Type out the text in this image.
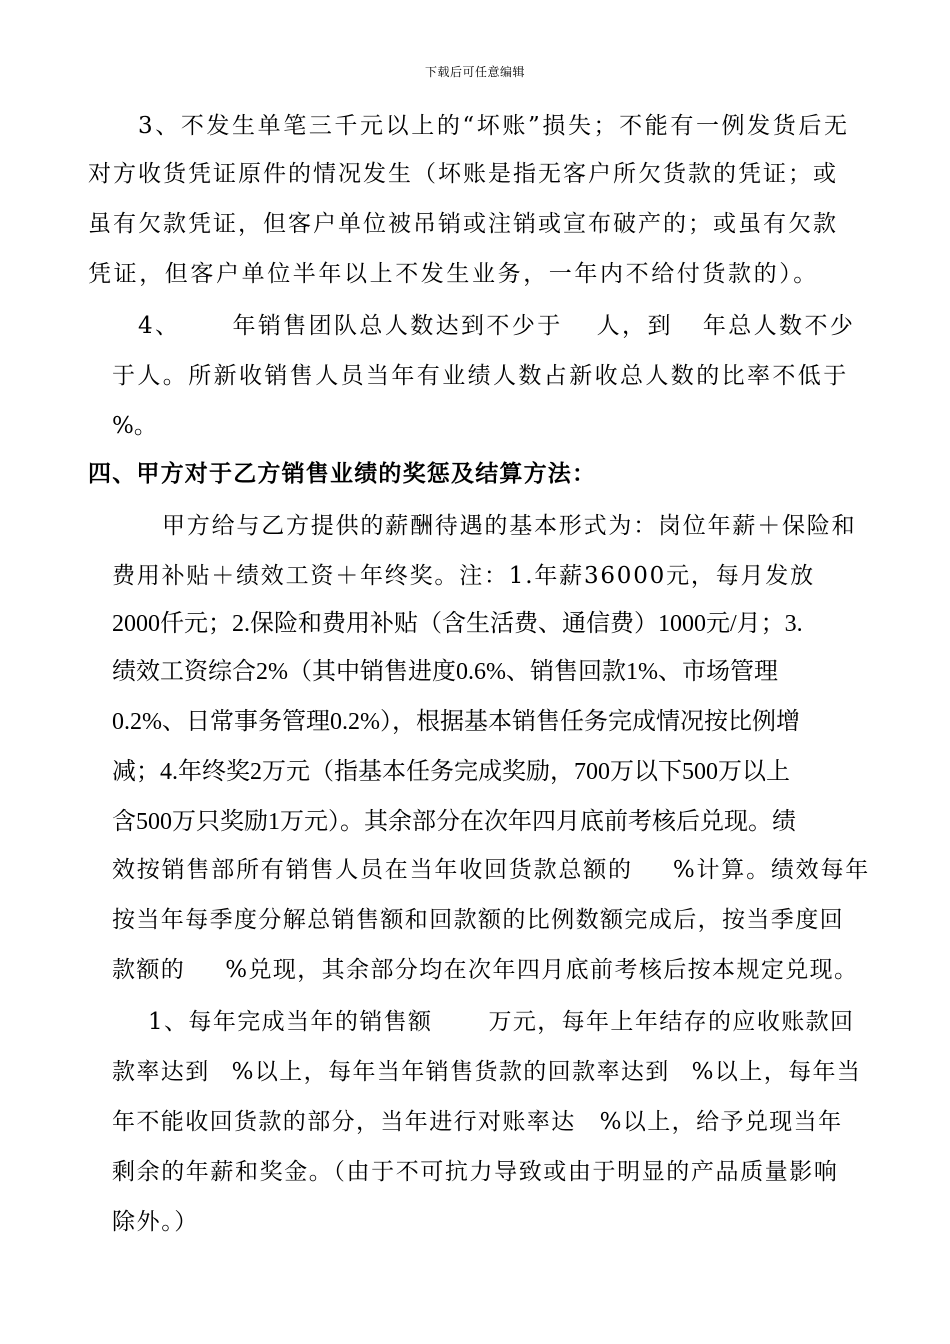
下载后可任意编辑
3、不发生单笔三千元以上的“坏账”损失；不能有一例发货后无
对方收货凭证原件的情况发生（坏账是指无客户所欠货款的凭证；或
虽有欠款凭证，但客户单位被吊销或注销或宣布破产的；或虽有欠款
凭证，但客户单位半年以上不发生业务，一年内不给付货款的）。
4、 年销售团队总人数达到不少于 人，到 年总人数不少
于人。所新收销售人员当年有业绩人数占新收总人数的比率不低于
%。
四、甲方对于乙方销售业绩的奖惩及结算方法：
甲方给与乙方提供的薪酬待遇的基本形式为：岗位年薪＋保险和
费用补贴＋绩效工资＋年终奖。注：1.年薪36000元，每月发放
2000仟元；2.保险和费用补贴（含生活费、通信费）1000元/月；3.
绩效工资综合2%（其中销售进度0.6%、销售回款1%、市场管理
0.2%、日常事务管理0.2%），根据基本销售任务完成情况按比例增
减；4.年终奖2万元（指基本任务完成奖励，700万以下500万以上
含500万只奖励1万元）。其余部分在次年四月底前考核后兑现。绩
效按销售部所有销售人员在当年收回货款总额的 %计算。绩效每年
按当年每季度分解总销售额和回款额的比例数额完成后，按当季度回
款额的 %兑现，其余部分均在次年四月底前考核后按本规定兑现。
1、每年完成当年的销售额 万元，每年上年结存的应收账款回
款率达到 %以上，每年当年销售货款的回款率达到 %以上，每年当
年不能收回货款的部分，当年进行对账率达 %以上，给予兑现当年
剩余的年薪和奖金。（由于不可抗力导致或由于明显的产品质量影响
除外。）
